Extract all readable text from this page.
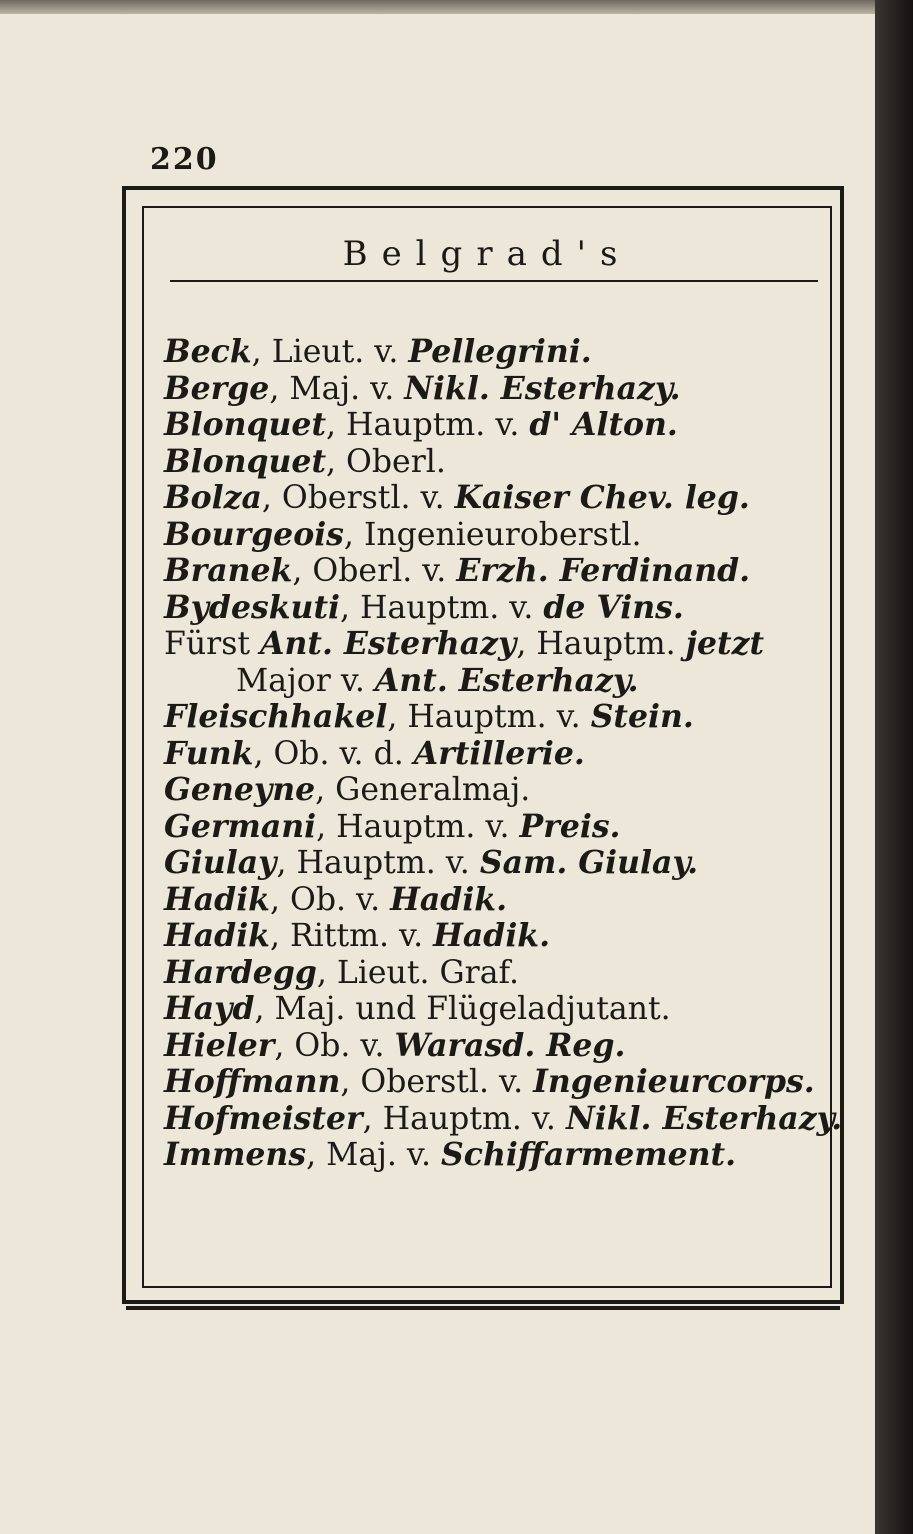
220
Belgrad's
Beck, Lieut. v. Pellegrini.
Berge, Maj. v. Nikl. Esterhazy.
Blonquet, Hauptm. v. d' Alton.
Blonquet, Oberl.
Bolza, Oberstl. v. Kaiser Chev. leg.
Bourgeois, Ingenieuroberstl.
Branek, Oberl. v. Erzh. Ferdinand.
Bydeskuti, Hauptm. v. de Vins.
Fürst Ant. Esterhazy, Hauptm. jetzt
Major v. Ant. Esterhazy.
Fleischhakel, Hauptm. v. Stein.
Funk, Ob. v. d. Artillerie.
Geneyne, Generalmaj.
Germani, Hauptm. v. Preis.
Giulay, Hauptm. v. Sam. Giulay.
Hadik, Ob. v. Hadik.
Hadik, Rittm. v. Hadik.
Hardegg, Lieut. Graf.
Hayd, Maj. und Flügeladjutant.
Hieler, Ob. v. Warasd. Reg.
Hoffmann, Oberstl. v. Ingenieurcorps.
Hofmeister, Hauptm. v. Nikl. Esterhazy.
Immens, Maj. v. Schiffarmement.
